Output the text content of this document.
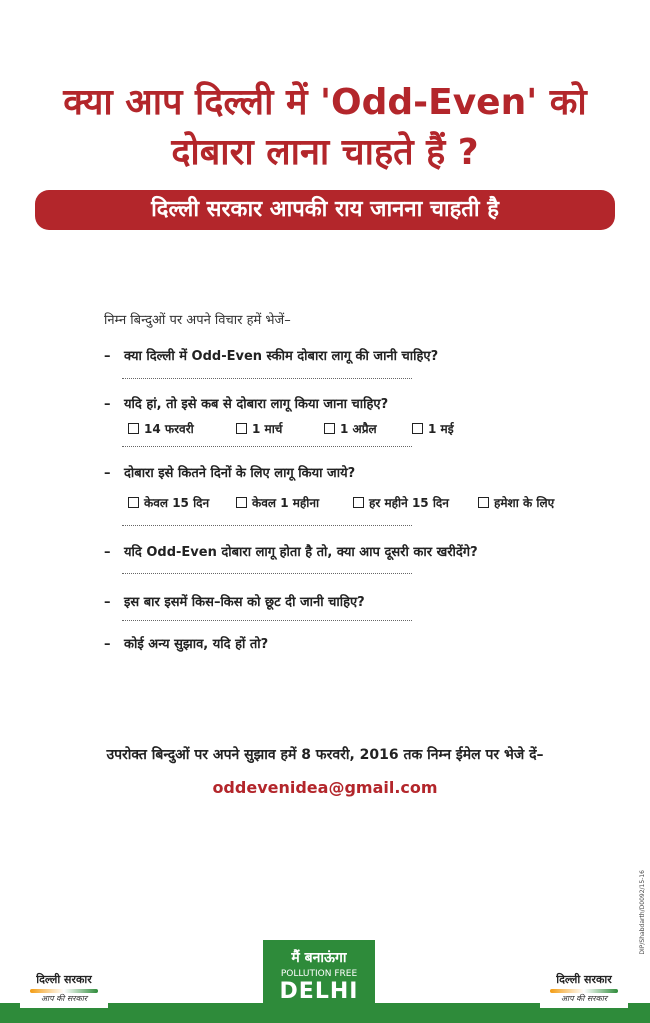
क्या आप दिल्ली में 'Odd-Even' को
दोबारा लाना चाहते हैं ?
दिल्ली सरकार आपकी राय जानना चाहती है
निम्न बिन्दुओं पर अपने विचार हमें भेजें–
– क्या दिल्ली में Odd-Even स्कीम दोबारा लागू की जानी चाहिए?
– यदि हां, तो इसे कब से दोबारा लागू किया जाना चाहिए?
14 फरवरी	1 मार्च	1 अप्रैल	1 मई
– दोबारा इसे कितने दिनों के लिए लागू किया जाये?
केवल 15 दिन	केवल 1 महीना	हर महीने 15 दिन	हमेशा के लिए
– यदि Odd-Even दोबारा लागू होता है तो, क्या आप दूसरी कार खरीदेंगे?
– इस बार इसमें किस–किस को छूट दी जानी चाहिए?
– कोई अन्य सुझाव, यदि हों तो?
उपरोक्त बिन्दुओं पर अपने सुझाव हमें 8 फरवरी, 2016 तक निम्न ईमेल पर भेजे दें–
oddevenidea@gmail.com
DIP/Shabdarth/D0092/15-16
दिल्ली सरकार
आप की सरकार
मैं बनाऊंगा
POLLUTION FREE
DELHI	दिल्ली सरकार
आप की सरकार
